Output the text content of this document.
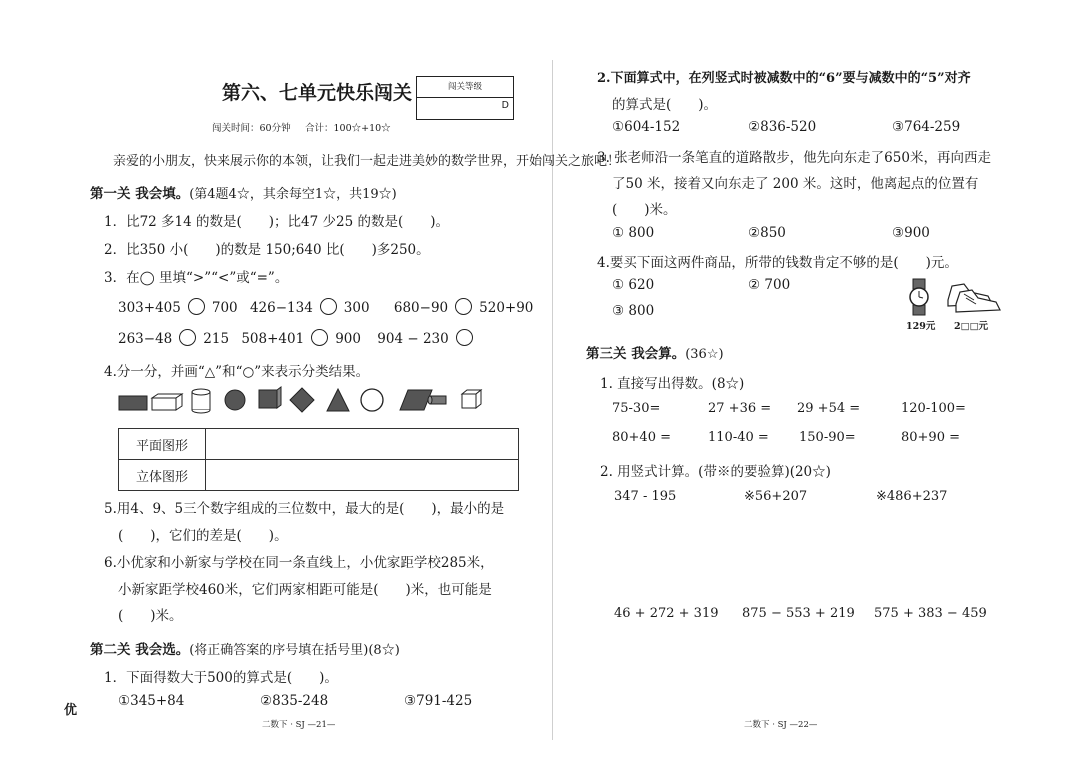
第六、七单元快乐闯关	闯关等级
D
闯关时间：60分钟 合计：100☆+10☆
亲爱的小朋友，快来展示你的本领，让我们一起走进美妙的数学世界，开始闯关之旅吧！
第一关 我会填。(第4题4☆，其余每空1☆，共19☆)
1．比72 多14 的数是(　　)；比47 少25 的数是(　　)。
2．比350 小(　　)的数是 150;640 比(　　)多250。
3．在◯ 里填“>”“<”或“=”。
303+405 700 426−134 300 680−90 520+90
263−48 215 508+401 900 904 − 230
4.分一分，并画“△”和“○”来表示分类结果。
平面图形	
立体图形	
5.用4、9、5三个数字组成的三位数中，最大的是(　　)，最小的是
(　　)，它们的差是(　　)。
6.小优家和小新家与学校在同一条直线上，小优家距学校285米，
小新家距学校460米，它们两家相距可能是(　　)米，也可能是
(　　)米。
第二关 我会选。(将正确答案的序号填在括号里)(8☆)
1．下面得数大于500的算式是(　　)。
①345+84	②835-248	③791-425
优
二数下 · SJ —21—
2.下面算式中，在列竖式时被减数中的“6”要与减数中的“5”对齐
的算式是(　　)。
①604-152	②836-520	③764-259
3. 张老师沿一条笔直的道路散步，他先向东走了650米，再向西走
了50 米，接着又向东走了 200 米。这时，他离起点的位置有
(　　)米。
① 800	②850	③900
4.要买下面这两件商品，所带的钱数肯定不够的是(　　)元。
① 620	② 700
③ 800
129元 2□□元
第三关 我会算。(36☆)
1. 直接写出得数。(8☆)
75-30=	27 +36 = 29 +54 =	120-100=
80+40 =	110-40 = 150-90=	80+90 =
2. 用竖式计算。(带※的要验算)(20☆)
347 - 195	※56+207	※486+237
46 + 272 + 319 875 − 553 + 219 575 + 383 − 459
二数下 · SJ —22—
